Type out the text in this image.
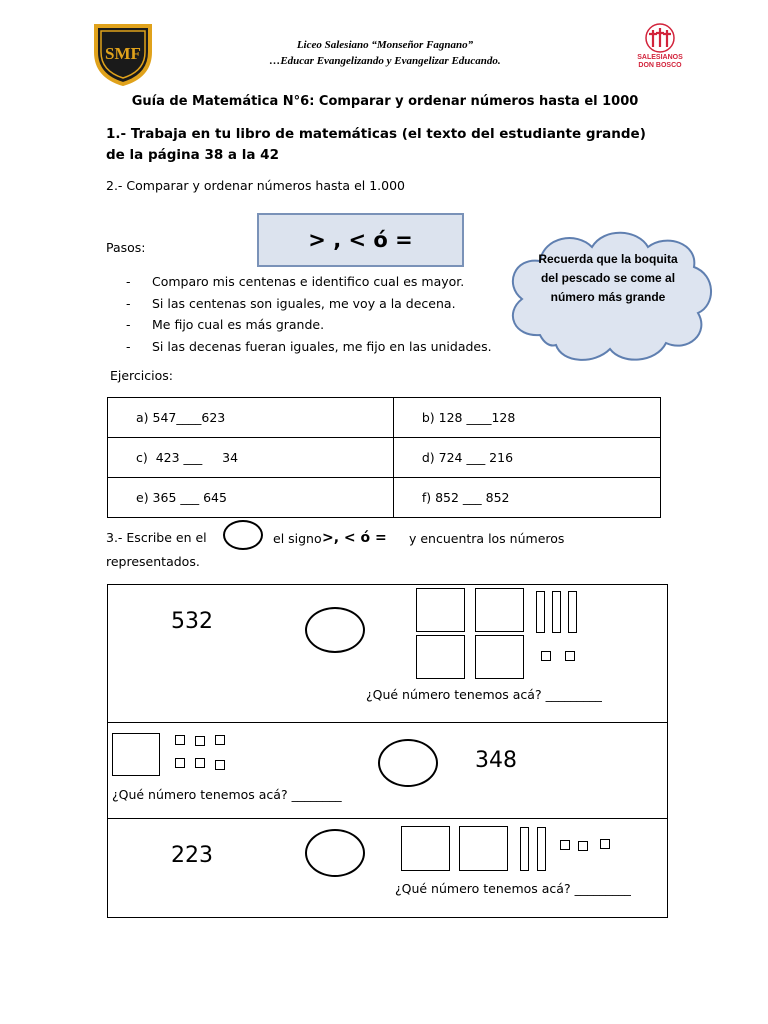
SMF	Liceo Salesiano “Monseñor Fagnano”
…Educar Evangelizando y Evangelizar Educando.	SALESIANOS DON BOSCO
Guía de Matemática N°6: Comparar y ordenar números hasta el 1000
1.- Trabaja en tu libro de matemáticas (el texto del estudiante grande) de la página 38 a la 42
2.- Comparar y ordenar números hasta el 1.000
> , < ó =
Pasos:
Recuerda que la boquita del pescado se come al número más grande
- Comparo mis centenas e identifico cual es mayor.
- Si las centenas son iguales, me voy a la decena.
- Me fijo cual es más grande.
- Si las decenas fueran iguales, me fijo en las unidades.
Ejercicios:
a) 547____623	b) 128 ____128

c)  423 ___     34	d) 724 ___ 216

e) 365 ___ 645	f) 852 ___ 852
3.- Escribe en el	el signo >, < ó = y encuentra los números
representados.
532
¿Qué número tenemos acá? _________
348
¿Qué número tenemos acá? ________
223
¿Qué número tenemos acá? _________
